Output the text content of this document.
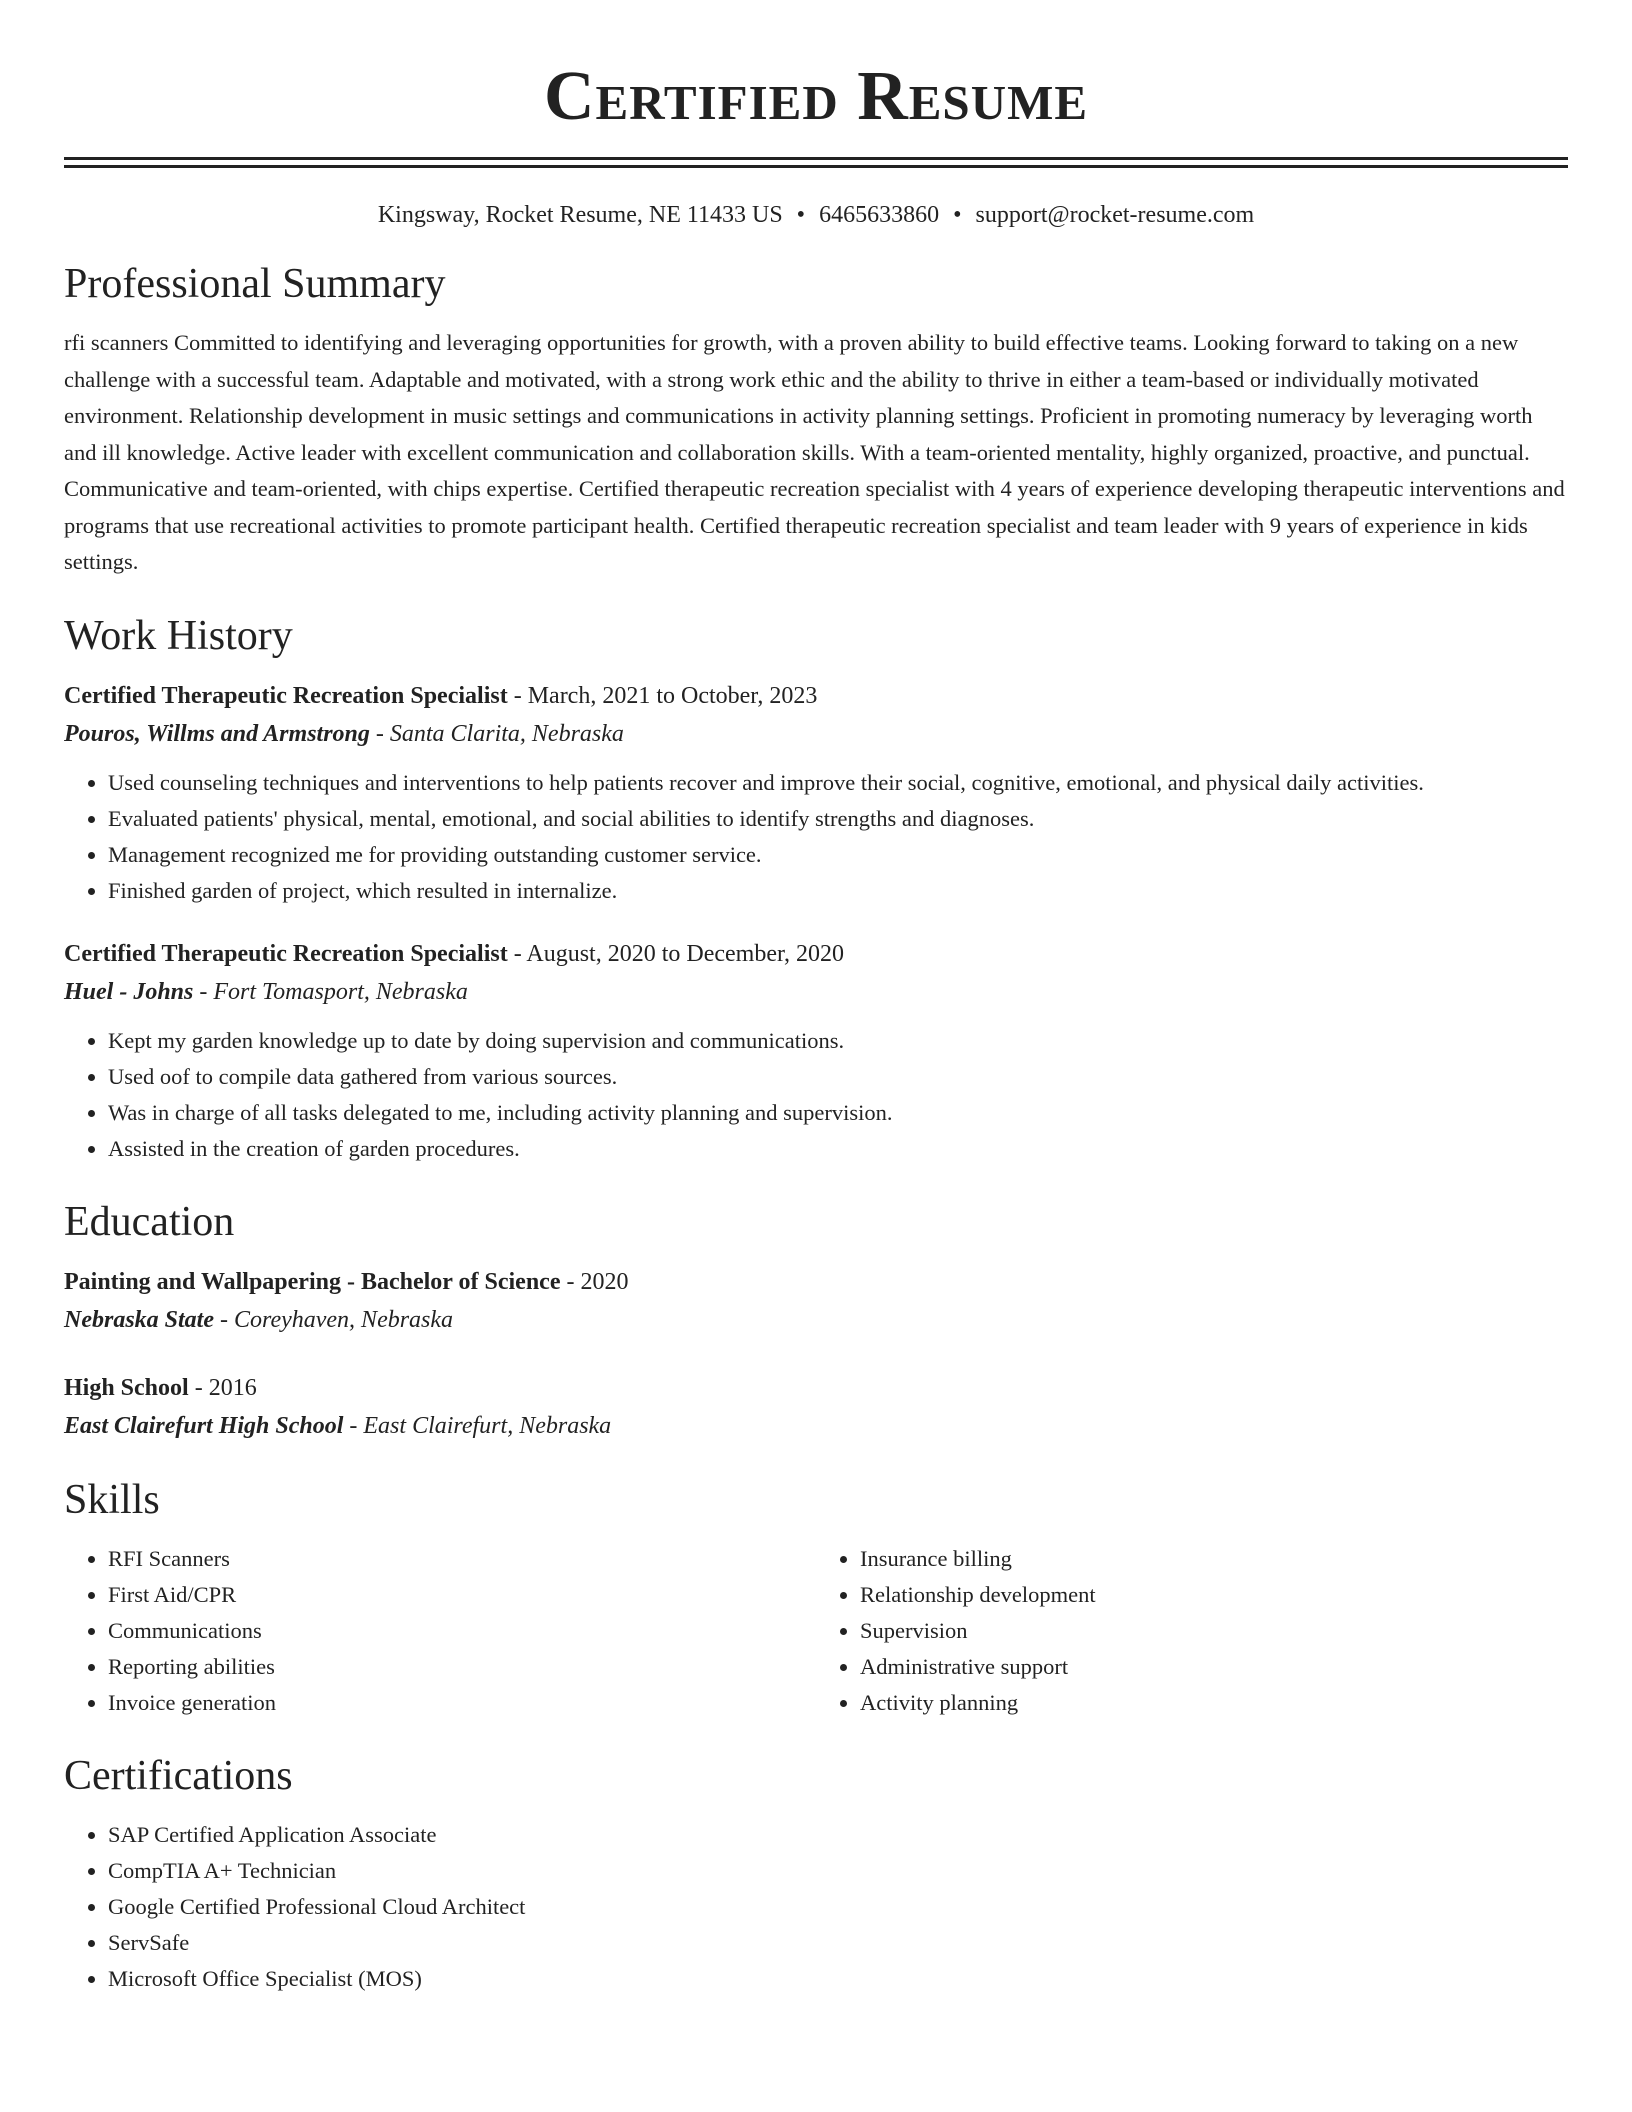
Certified Resume
Kingsway, Rocket Resume, NE 11433 US • 6465633860 • support@rocket-resume.com
Professional Summary

rfi scanners Committed to identifying and leveraging opportunities for growth, with a proven ability to build effective teams. Looking forward to taking on a new challenge with a successful team. Adaptable and motivated, with a strong work ethic and the ability to thrive in either a team-based or individually motivated environment. Relationship development in music settings and communications in activity planning settings. Proficient in promoting numeracy by leveraging worth and ill knowledge. Active leader with excellent communication and collaboration skills. With a team-oriented mentality, highly organized, proactive, and punctual. Communicative and team-oriented, with chips expertise. Certified therapeutic recreation specialist with 4 years of experience developing therapeutic interventions and programs that use recreational activities to promote participant health. Certified therapeutic recreation specialist and team leader with 9 years of experience in kids settings.

Work History
Certified Therapeutic Recreation Specialist - March, 2021 to October, 2023
Pouros, Willms and Armstrong - Santa Clarita, Nebraska
• Used counseling techniques and interventions to help patients recover and improve their social, cognitive, emotional, and physical daily activities.
• Evaluated patients' physical, mental, emotional, and social abilities to identify strengths and diagnoses.
• Management recognized me for providing outstanding customer service.
• Finished garden of project, which resulted in internalize.
Certified Therapeutic Recreation Specialist - August, 2020 to December, 2020
Huel - Johns - Fort Tomasport, Nebraska
• Kept my garden knowledge up to date by doing supervision and communications.
• Used oof to compile data gathered from various sources.
• Was in charge of all tasks delegated to me, including activity planning and supervision.
• Assisted in the creation of garden procedures.
Education
Painting and Wallpapering - Bachelor of Science - 2020
Nebraska State - Coreyhaven, Nebraska
High School - 2016
East Clairefurt High School - East Clairefurt, Nebraska
Skills
• RFI Scanners
• First Aid/CPR
• Communications
• Reporting abilities
• Invoice generation
• Insurance billing
• Relationship development
• Supervision
• Administrative support
• Activity planning
Certifications
• SAP Certified Application Associate
• CompTIA A+ Technician
• Google Certified Professional Cloud Architect
• ServSafe
• Microsoft Office Specialist (MOS)
